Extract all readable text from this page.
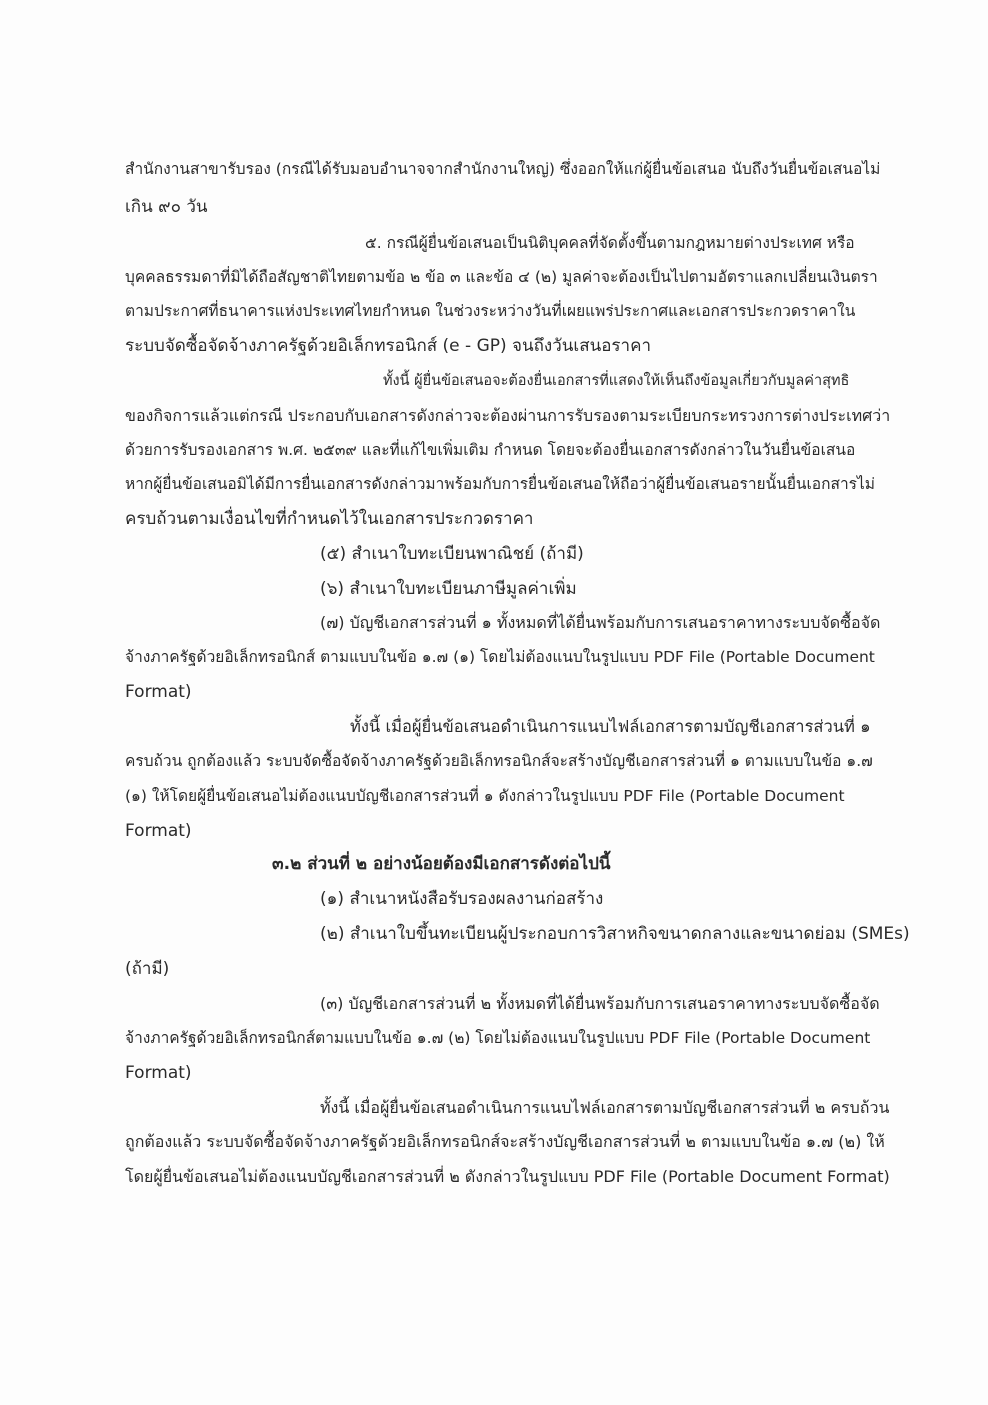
สำนักงานสาขารับรอง (กรณีได้รับมอบอำนาจจากสำนักงานใหญ่) ซึ่งออกให้แก่ผู้ยื่นข้อเสนอ นับถึงวันยื่นข้อเสนอไม่
เกิน ๙๐ วัน
๕. กรณีผู้ยื่นข้อเสนอเป็นนิติบุคคลที่จัดตั้งขึ้นตามกฎหมายต่างประเทศ หรือ
บุคคลธรรมดาที่มิได้ถือสัญชาติไทยตามข้อ ๒ ข้อ ๓ และข้อ ๔ (๒) มูลค่าจะต้องเป็นไปตามอัตราแลกเปลี่ยนเงินตรา
ตามประกาศที่ธนาคารแห่งประเทศไทยกำหนด ในช่วงระหว่างวันที่เผยแพร่ประกาศและเอกสารประกวดราคาใน
ระบบจัดซื้อจัดจ้างภาครัฐด้วยอิเล็กทรอนิกส์ (e - GP) จนถึงวันเสนอราคา
ทั้งนี้ ผู้ยื่นข้อเสนอจะต้องยื่นเอกสารที่แสดงให้เห็นถึงข้อมูลเกี่ยวกับมูลค่าสุทธิ
ของกิจการแล้วแต่กรณี ประกอบกับเอกสารดังกล่าวจะต้องผ่านการรับรองตามระเบียบกระทรวงการต่างประเทศว่า
ด้วยการรับรองเอกสาร พ.ศ. ๒๕๓๙ และที่แก้ไขเพิ่มเติม กำหนด โดยจะต้องยื่นเอกสารดังกล่าวในวันยื่นข้อเสนอ
หากผู้ยื่นข้อเสนอมิได้มีการยื่นเอกสารดังกล่าวมาพร้อมกับการยื่นข้อเสนอให้ถือว่าผู้ยื่นข้อเสนอรายนั้นยื่นเอกสารไม่
ครบถ้วนตามเงื่อนไขที่กำหนดไว้ในเอกสารประกวดราคา
(๕) สำเนาใบทะเบียนพาณิชย์ (ถ้ามี)
(๖) สำเนาใบทะเบียนภาษีมูลค่าเพิ่ม
(๗) บัญชีเอกสารส่วนที่ ๑ ทั้งหมดที่ได้ยื่นพร้อมกับการเสนอราคาทางระบบจัดซื้อจัด
จ้างภาครัฐด้วยอิเล็กทรอนิกส์ ตามแบบในข้อ ๑.๗ (๑) โดยไม่ต้องแนบในรูปแบบ PDF File (Portable Document
Format)
ทั้งนี้ เมื่อผู้ยื่นข้อเสนอดำเนินการแนบไฟล์เอกสารตามบัญชีเอกสารส่วนที่ ๑
ครบถ้วน ถูกต้องแล้ว ระบบจัดซื้อจัดจ้างภาครัฐด้วยอิเล็กทรอนิกส์จะสร้างบัญชีเอกสารส่วนที่ ๑ ตามแบบในข้อ ๑.๗
(๑) ให้โดยผู้ยื่นข้อเสนอไม่ต้องแนบบัญชีเอกสารส่วนที่ ๑ ดังกล่าวในรูปแบบ PDF File (Portable Document
Format)
๓.๒ ส่วนที่ ๒ อย่างน้อยต้องมีเอกสารดังต่อไปนี้
(๑) สำเนาหนังสือรับรองผลงานก่อสร้าง
(๒) สำเนาใบขึ้นทะเบียนผู้ประกอบการวิสาหกิจขนาดกลางและขนาดย่อม (SMEs)
(ถ้ามี)
(๓) บัญชีเอกสารส่วนที่ ๒ ทั้งหมดที่ได้ยื่นพร้อมกับการเสนอราคาทางระบบจัดซื้อจัด
จ้างภาครัฐด้วยอิเล็กทรอนิกส์ตามแบบในข้อ ๑.๗ (๒) โดยไม่ต้องแนบในรูปแบบ PDF File (Portable Document
Format)
ทั้งนี้ เมื่อผู้ยื่นข้อเสนอดำเนินการแนบไฟล์เอกสารตามบัญชีเอกสารส่วนที่ ๒ ครบถ้วน
ถูกต้องแล้ว ระบบจัดซื้อจัดจ้างภาครัฐด้วยอิเล็กทรอนิกส์จะสร้างบัญชีเอกสารส่วนที่ ๒ ตามแบบในข้อ ๑.๗ (๒) ให้
โดยผู้ยื่นข้อเสนอไม่ต้องแนบบัญชีเอกสารส่วนที่ ๒ ดังกล่าวในรูปแบบ PDF File (Portable Document Format)
